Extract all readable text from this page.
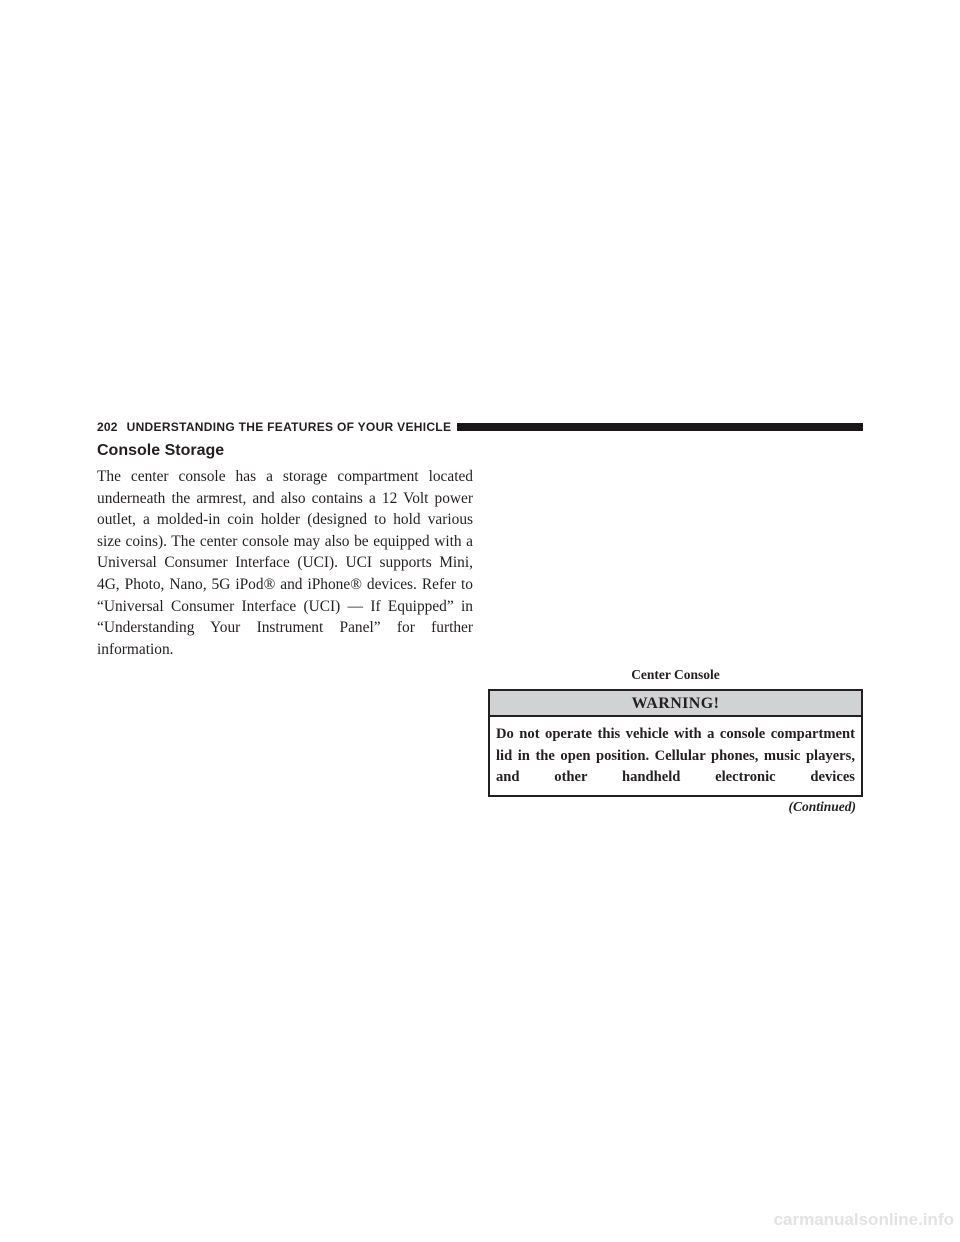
202 UNDERSTANDING THE FEATURES OF YOUR VEHICLE
Console Storage

The center console has a storage compartment located underneath the armrest, and also contains a 12 Volt power outlet, a molded-in coin holder (designed to hold various size coins). The center console may also be equipped with a Universal Consumer Interface (UCI). UCI supports Mini, 4G, Photo, Nano, 5G iPod® and iPhone® devices. Refer to “Universal Consumer Interface (UCI) — If Equipped” in “Understanding Your Instrument Panel” for further information.

Center Console

WARNING!

Do not operate this vehicle with a console compartment lid in the open position. Cellular phones, music players, and other handheld electronic devices

(Continued)

carmanualsonline.info
